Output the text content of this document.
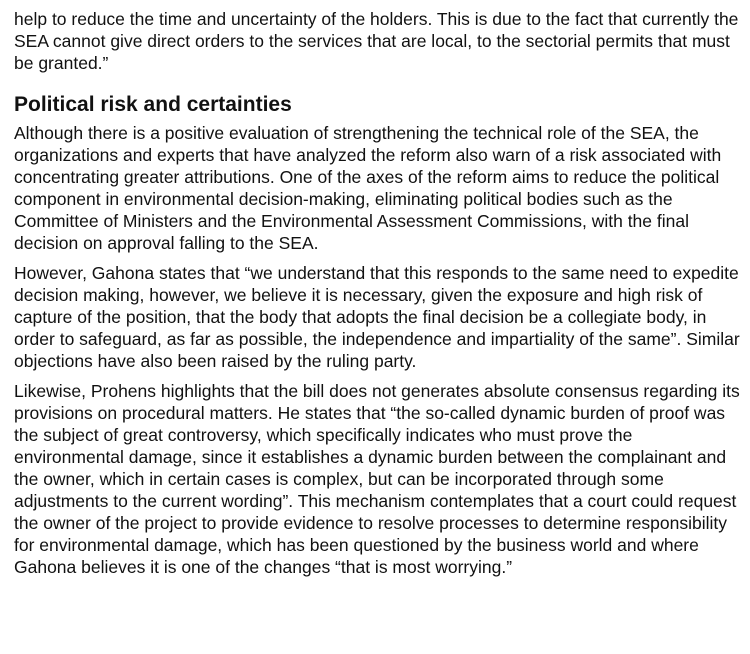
help to reduce the time and uncertainty of the holders. This is due to the fact that currently the SEA cannot give direct orders to the services that are local, to the sectorial permits that must be granted.”

Political risk and certainties

Although there is a positive evaluation of strengthening the technical role of the SEA, the organizations and experts that have analyzed the reform also warn of a risk associated with concentrating greater attributions. One of the axes of the reform aims to reduce the political component in environmental decision-making, eliminating political bodies such as the Committee of Ministers and the Environmental Assessment Commissions, with the final decision on approval falling to the SEA.

However, Gahona states that “we understand that this responds to the same need to expedite decision making, however, we believe it is necessary, given the exposure and high risk of capture of the position, that the body that adopts the final decision be a collegiate body, in order to safeguard, as far as possible, the independence and impartiality of the same”. Similar objections have also been raised by the ruling party.

Likewise, Prohens highlights that the bill does not generates absolute consensus regarding its provisions on procedural matters. He states that “the so-called dynamic burden of proof was the subject of great controversy, which specifically indicates who must prove the environmental damage, since it establishes a dynamic burden between the complainant and the owner, which in certain cases is complex, but can be incorporated through some adjustments to the current wording”. This mechanism contemplates that a court could request the owner of the project to provide evidence to resolve processes to determine responsibility for environmental damage, which has been questioned by the business world and where Gahona believes it is one of the changes “that is most worrying.”
